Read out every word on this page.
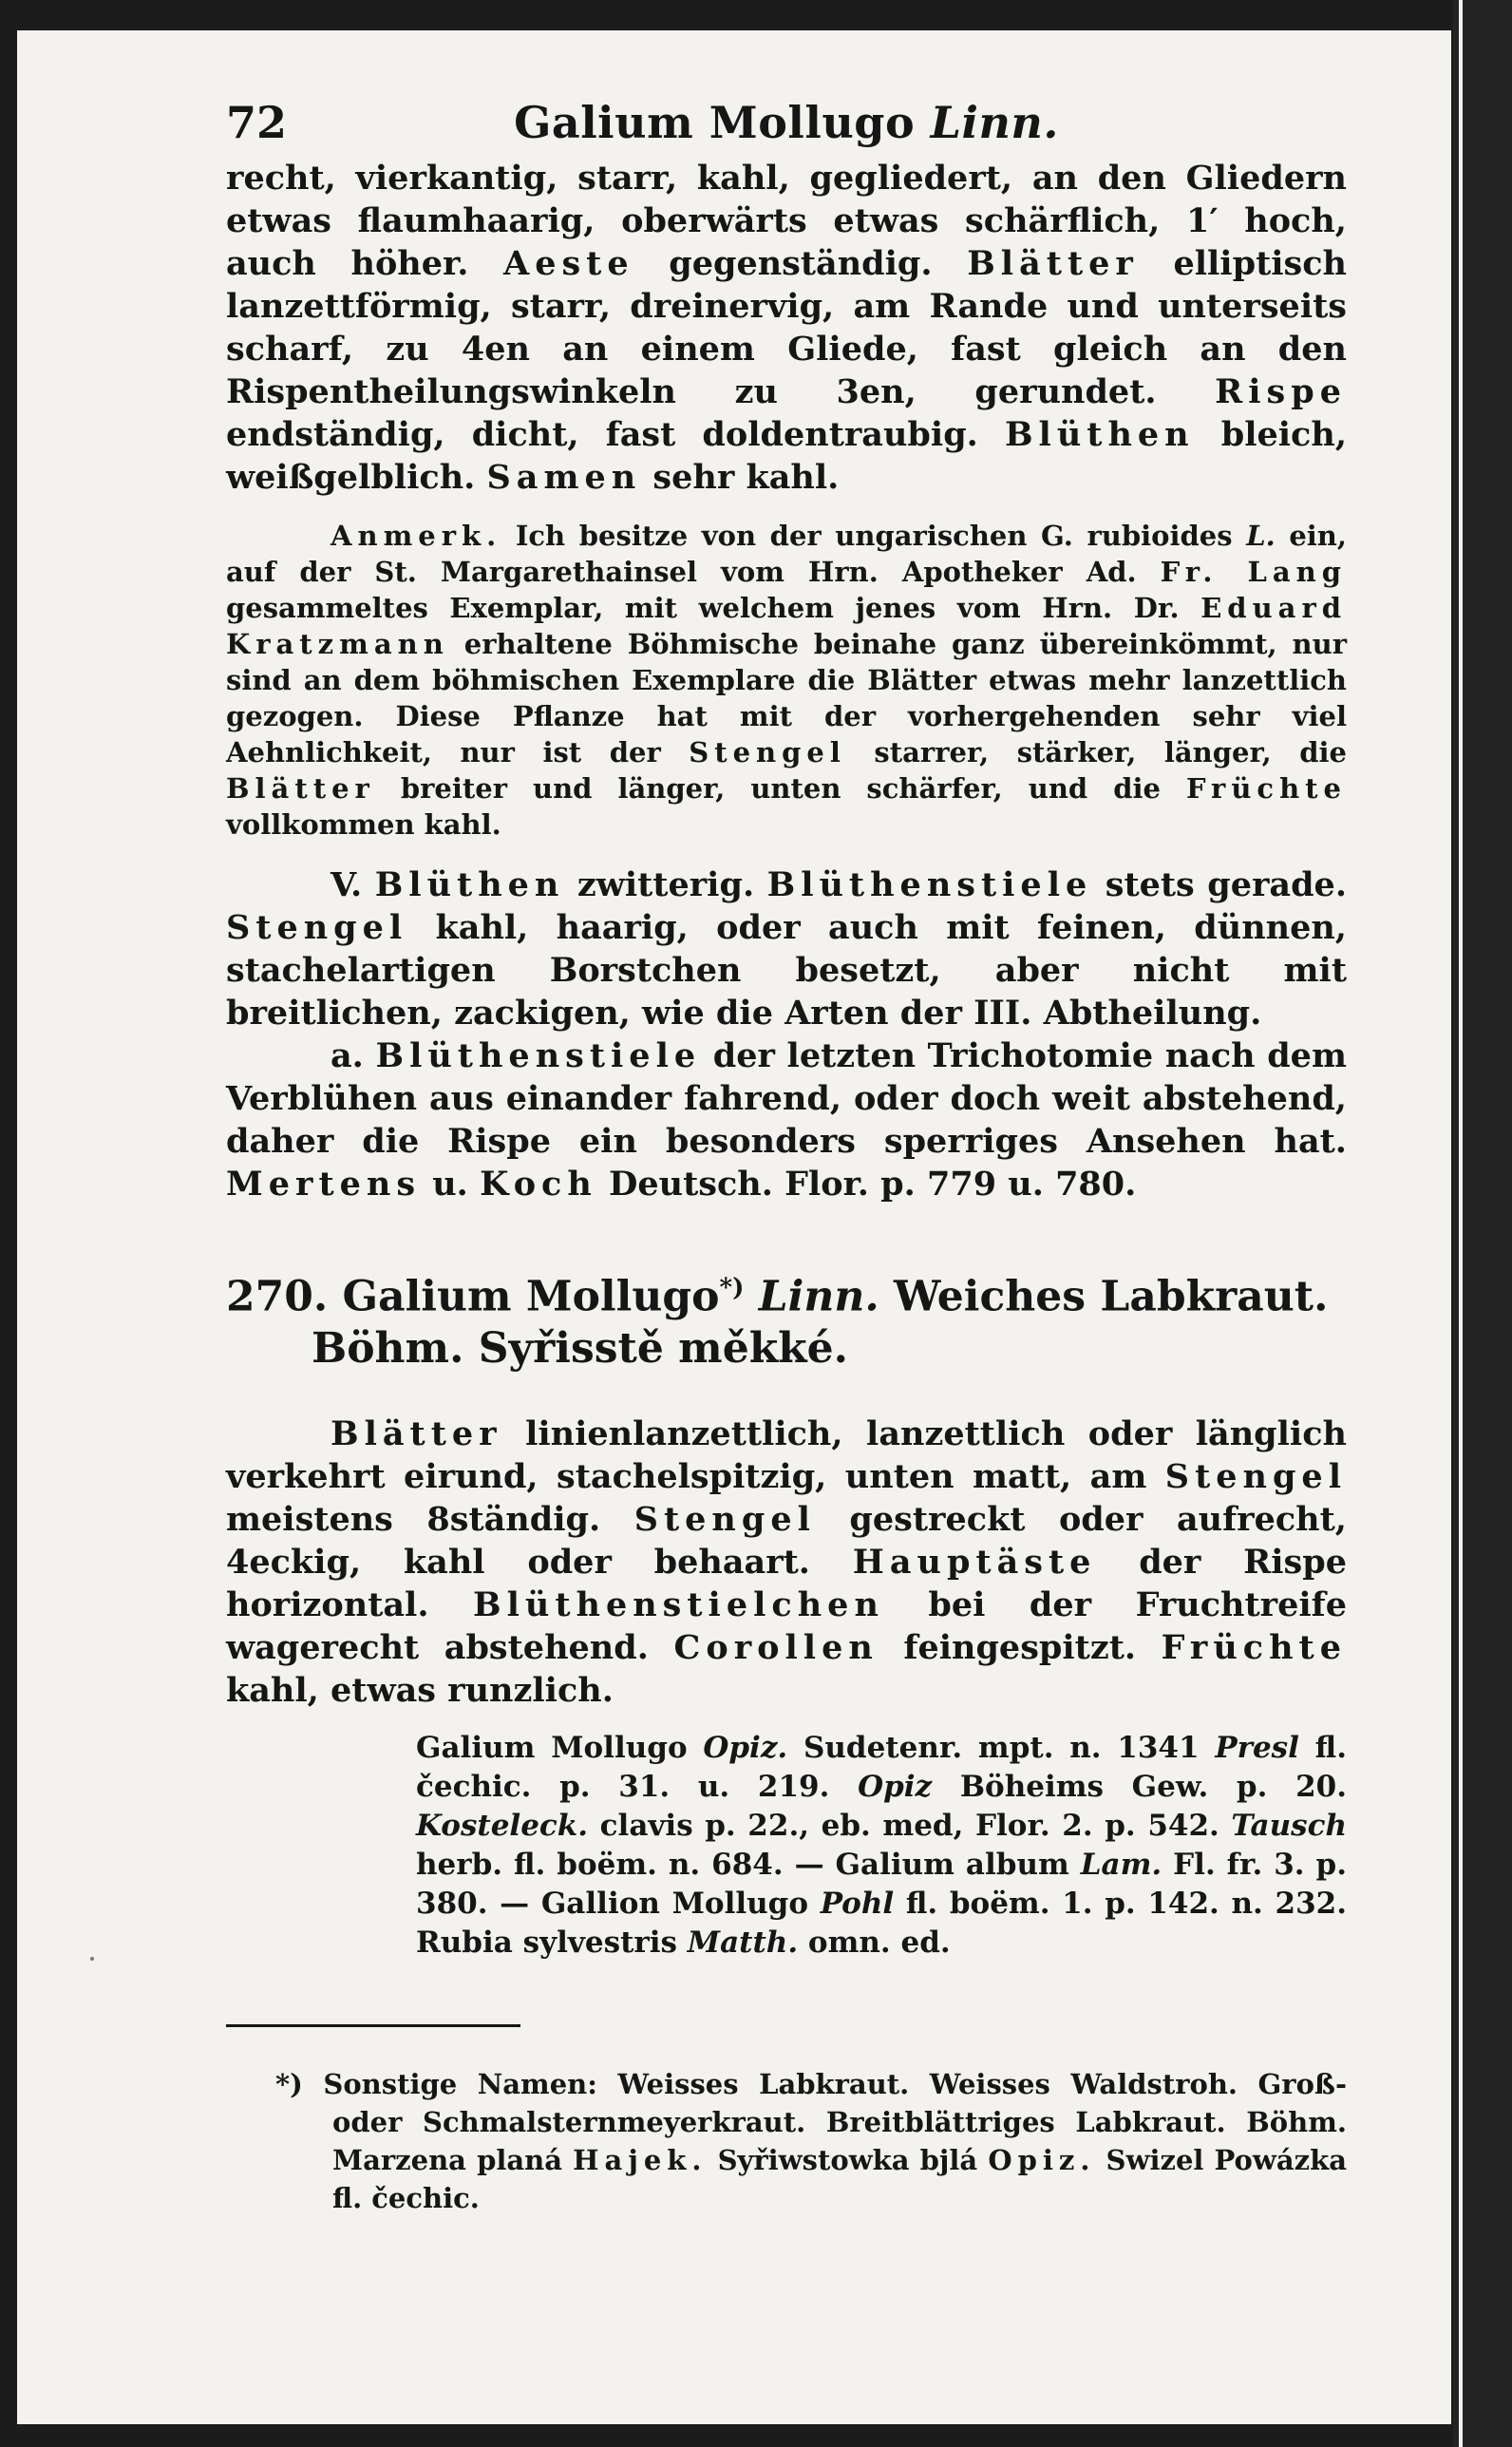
72	Galium Mollugo Linn.

recht, vierkantig, starr, kahl, gegliedert, an den Gliedern etwas flaumhaarig, oberwärts etwas schärflich, 1′ hoch, auch höher. Aeste gegenständig. Blätter elliptisch lanzettförmig, starr, dreinervig, am Rande und unterseits scharf, zu 4en an einem Gliede, fast gleich an den Rispentheilungswinkeln zu 3en, gerundet. Rispe endständig, dicht, fast doldentraubig. Blüthen bleich, weißgelblich. Samen sehr kahl.

Anmerk. Ich besitze von der ungarischen G. rubioides L. ein, auf der St. Margarethainsel vom Hrn. Apotheker Ad. Fr. Lang gesammeltes Exemplar, mit welchem jenes vom Hrn. Dr. Eduard Kratzmann erhaltene Böhmische beinahe ganz übereinkömmt, nur sind an dem böhmischen Exemplare die Blätter etwas mehr lanzettlich gezogen. Diese Pflanze hat mit der vorhergehenden sehr viel Aehnlichkeit, nur ist der Stengel starrer, stärker, länger, die Blätter breiter und länger, unten schärfer, und die Früchte vollkommen kahl.

V. Blüthen zwitterig. Blüthenstiele stets gerade. Stengel kahl, haarig, oder auch mit feinen, dünnen, stachelartigen Borstchen besetzt, aber nicht mit breitlichen, zackigen, wie die Arten der III. Abtheilung.

a. Blüthenstiele der letzten Trichotomie nach dem Verblühen aus einander fahrend, oder doch weit abstehend, daher die Rispe ein besonders sperriges Ansehen hat. Mertens u. Koch Deutsch. Flor. p. 779 u. 780.

270. Galium Mollugo*) Linn. Weiches Labkraut. Böhm. Syřisstě měkké.

Blätter linienlanzettlich, lanzettlich oder länglich verkehrt eirund, stachelspitzig, unten matt, am Stengel meistens 8ständig. Stengel gestreckt oder aufrecht, 4eckig, kahl oder behaart. Hauptäste der Rispe horizontal. Blüthenstielchen bei der Fruchtreife wagerecht abstehend. Corollen feingespitzt. Früchte kahl, etwas runzlich.

Galium Mollugo Opiz. Sudetenr. mpt. n. 1341 Presl fl. čechic. p. 31. u. 219. Opiz Böheims Gew. p. 20. Kosteleck. clavis p. 22., eb. med, Flor. 2. p. 542. Tausch herb. fl. boëm. n. 684. — Galium album Lam. Fl. fr. 3. p. 380. — Gallion Mollugo Pohl fl. boëm. 1. p. 142. n. 232. Rubia sylvestris Matth. omn. ed.

*) Sonstige Namen: Weisses Labkraut. Weisses Waldstroh. Groß- oder Schmalsternmeyerkraut. Breitblättriges Labkraut. Böhm. Marzena planá Hajek. Syřiwstowka bjlá Opiz. Swizel Powázka fl. čechic.
